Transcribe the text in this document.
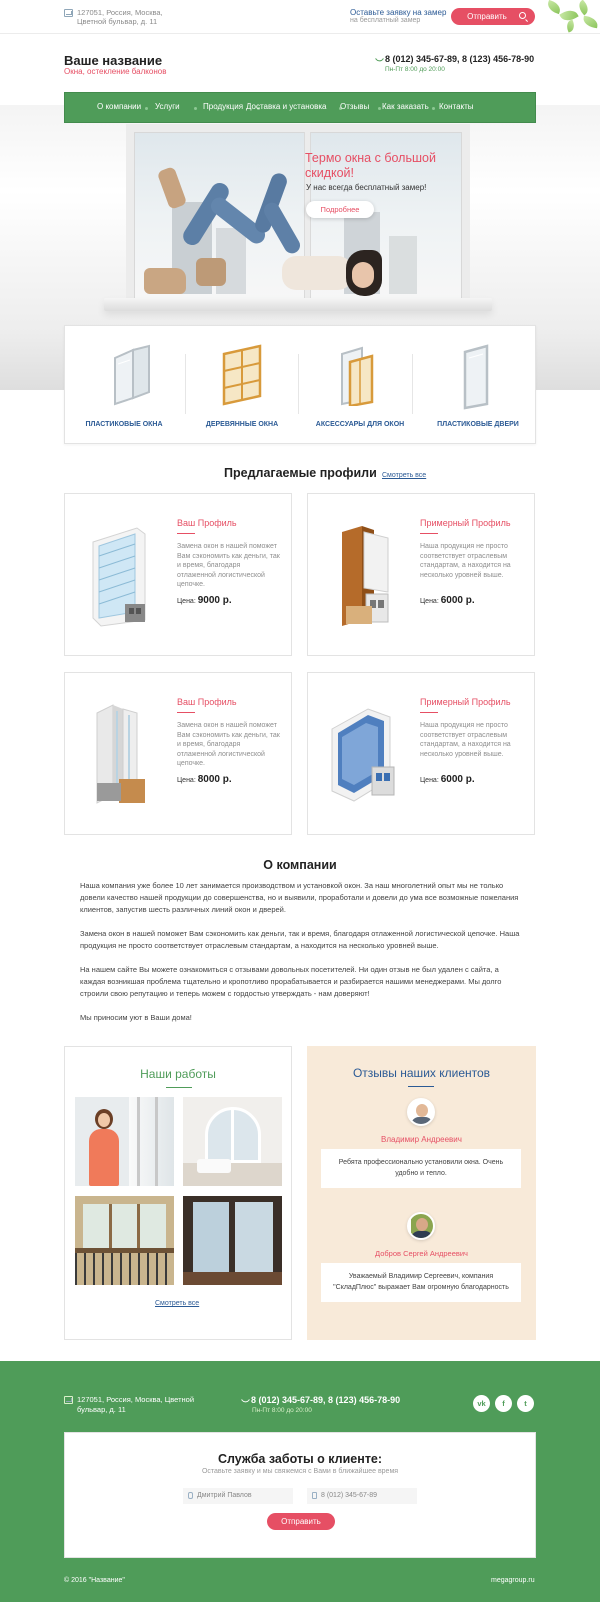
127051, Россия, Москва, Цветной бульвар, д. 11
Оставьте заявку на замер
на бесплатный замер	Отправить
Ваше название
Окна, остекление балконов
8 (012) 345-67-89, 8 (123) 456-78-90
Пн-Пт 8:00 до 20:00
Термо окна с большой скидкой!
У нас всегда бесплатный замер!
Подробнее
О компании Услуги	Продукция Доставка и установка Отзывы Как заказать Контакты
ПЛАСТИКОВЫЕ ОКНА	ДЕРЕВЯННЫЕ ОКНА	АКСЕССУАРЫ ДЛЯ ОКОН	ПЛАСТИКОВЫЕ ДВЕРИ
Предлагаемые профили Смотреть все
Ваш Профиль
Замена окон в нашей поможет Вам сэкономить как деньги, так и время, благодаря отлаженной логистической цепочке.
Цена: 9000 р.
Примерный Профиль
Наша продукция не просто соответствует отраслевым стандартам, а находится на несколько уровней выше.
Цена: 6000 р.
Ваш Профиль
Замена окон в нашей поможет Вам сэкономить как деньги, так и время, благодаря отлаженной логистической цепочке.
Цена: 8000 р.
Примерный Профиль
Наша продукция не просто соответствует отраслевым стандартам, а находится на несколько уровней выше.
Цена: 6000 р.
О компании
Наша компания уже более 10 лет занимается производством и установкой окон. За наш многолетний опыт мы не только довели качество нашей продукции до совершенства, но и выявили, проработали и довели до ума все возможные пожелания клиентов, запустив шесть различных линий окон и дверей.
Замена окон в нашей поможет Вам сэкономить как деньги, так и время, благодаря отлаженной логистической цепочке. Наша продукция не просто соответствует отраслевым стандартам, а находится на несколько уровней выше.
На нашем сайте Вы можете ознакомиться с отзывами довольных посетителей. Ни один отзыв не был удален с сайта, а каждая возникшая проблема тщательно и кропотливо прорабатывается и разбирается нашими менеджерами. Мы долго строили свою репутацию и теперь можем с гордостью утверждать - нам доверяют!
Мы приносим уют в Ваши дома!
Наши работы
Смотреть все
Отзывы наших клиентов
Владимир Андреевич
Ребята профессионально установили окна. Очень удобно и тепло.
Добров Сергей Андреевич
Уважаемый Владимир Сергеевич, компания "СкладПлюс" выражает Вам огромную благодарность
127051, Россия, Москва, Цветной бульвар, д. 11
8 (012) 345-67-89, 8 (123) 456-78-90
Пн-Пт 8:00 до 20:00
vk	f	t
Служба заботы о клиенте:
Оставьте заявку и мы свяжемся с Вами в ближайшее время
Дмитрий Павлов	8 (012) 345-67-89
Отправить
© 2016 "Название"	megagroup.ru
